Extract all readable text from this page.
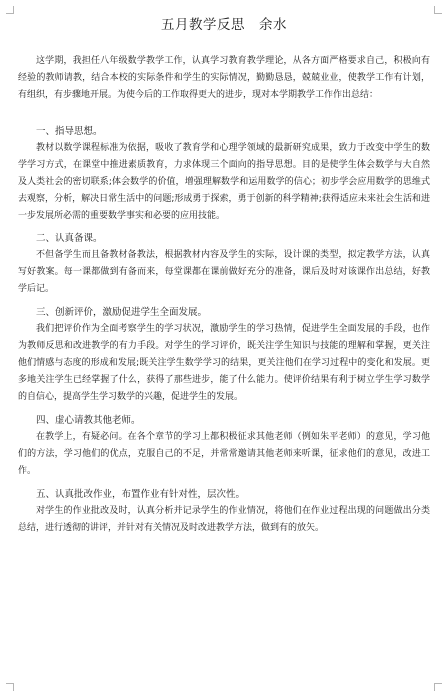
五月教学反思 余水

这学期，我担任八年级数学教学工作，认真学习教育教学理论，从各方面严格要求自己，积极向有经验的教师请教，结合本校的实际条件和学生的实际情况，勤勤恳恳，兢兢业业，使教学工作有计划，有组织，有步骤地开展。为使今后的工作取得更大的进步，现对本学期教学工作作出总结：

一、指导思想。

教材以数学课程标准为依据，吸收了教育学和心理学领域的最新研究成果，致力于改变中学生的数学学习方式，在课堂中推进素质教育，力求体现三个面向的指导思想。目的是使学生体会数学与大自然及人类社会的密切联系;体会数学的价值，增强理解数学和运用数学的信心；初步学会应用数学的思维式去观察，分析，解决日常生活中的问题;形成勇于探索，勇于创新的科学精神;获得适应未来社会生活和进一步发展所必需的重要数学事实和必要的应用技能。

二、认真备课。

不但备学生而且备教材备教法，根据教材内容及学生的实际，设计课的类型，拟定教学方法，认真写好教案。每一课都做到有备而来，每堂课都在课前做好充分的准备，课后及时对该课作出总结，好教学后记。

三、创新评价，激励促进学生全面发展。

我们把评价作为全面考察学生的学习状况，激励学生的学习热情，促进学生全面发展的手段，也作为教师反思和改进教学的有力手段。对学生的学习评价，既关注学生知识与技能的理解和掌握，更关注他们情感与态度的形成和发展;既关注学生数学学习的结果，更关注他们在学习过程中的变化和发展。更多地关注学生已经掌握了什么，获得了那些进步，能了什么能力。使评价结果有利于树立学生学习数学的自信心，提高学生学习数学的兴趣，促进学生的发展。

四、虚心请教其他老师。

在教学上，有疑必问。在各个章节的学习上都积极征求其他老师（例如朱平老师）的意见，学习他们的方法，学习他们的优点，克服自己的不足，并常常邀请其他老师来听课，征求他们的意见，改进工作。

五、认真批改作业，布置作业有针对性，层次性。

对学生的作业批改及时，认真分析并记录学生的作业情况，将他们在作业过程出现的问题做出分类总结，进行透彻的讲评，并针对有关情况及时改进教学方法，做到有的放矢。
